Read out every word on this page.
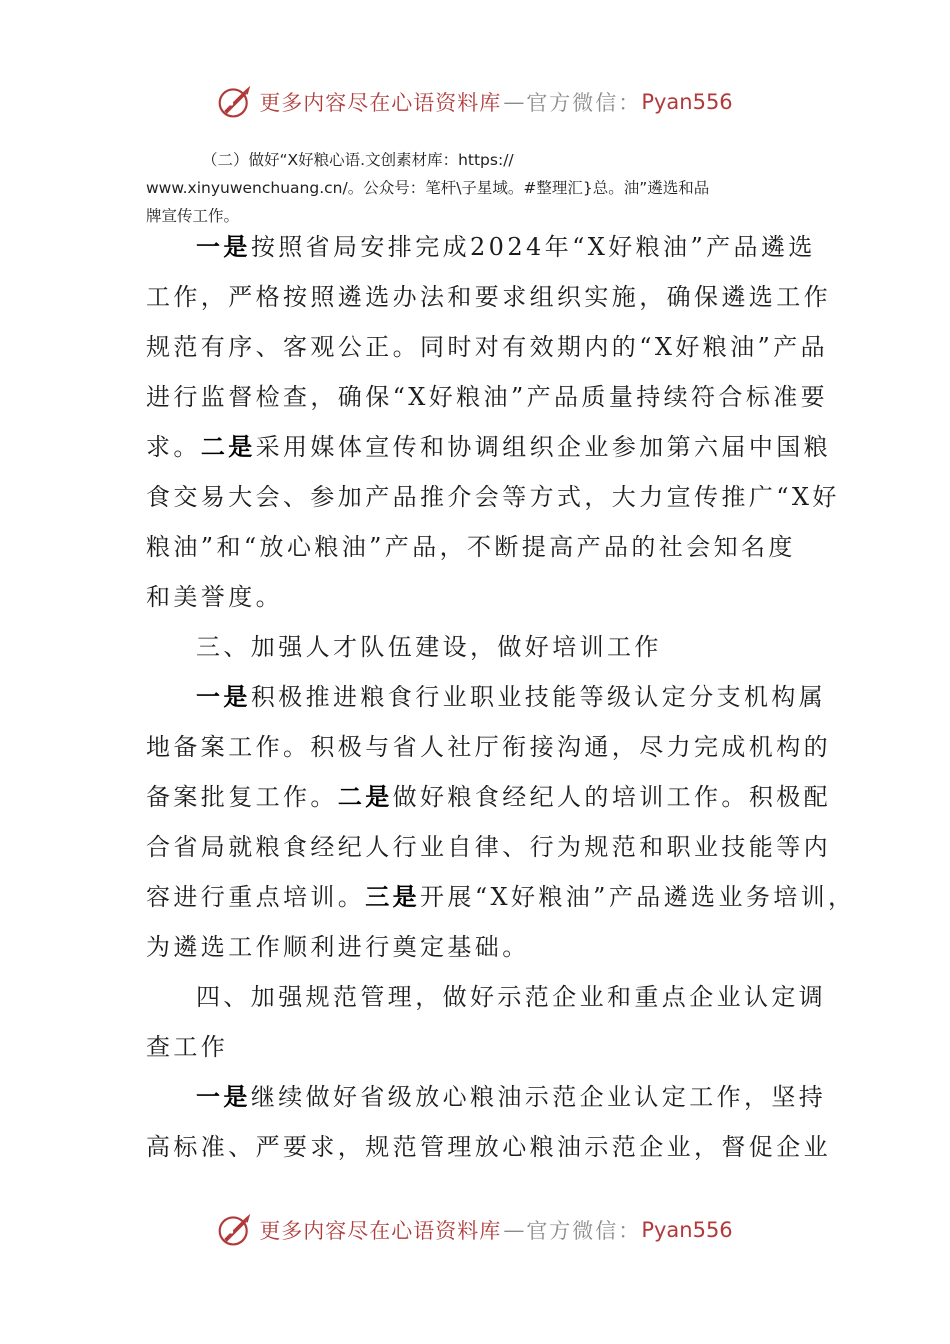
更多内容尽在心语资料库 — 官方微信： Pyan556
（二）做好“X好粮心语.文创素材库：https://
www.xinyuwenchuang.cn/。公众号：笔杆\子星域。#整理汇}总。油”遴选和品
牌宣传工作。
一是按照省局安排完成2024年“X好粮油”产品遴选
工作，严格按照遴选办法和要求组织实施，确保遴选工作
规范有序、客观公正。同时对有效期内的“X好粮油”产品
进行监督检查，确保“X好粮油”产品质量持续符合标准要
求。二是采用媒体宣传和协调组织企业参加第六届中国粮
食交易大会、参加产品推介会等方式，大力宣传推广“X好
粮油”和“放心粮油”产品，不断提高产品的社会知名度
和美誉度。
三、加强人才队伍建设，做好培训工作
一是积极推进粮食行业职业技能等级认定分支机构属
地备案工作。积极与省人社厅衔接沟通，尽力完成机构的
备案批复工作。二是做好粮食经纪人的培训工作。积极配
合省局就粮食经纪人行业自律、行为规范和职业技能等内
容进行重点培训。三是开展“X好粮油”产品遴选业务培训，
为遴选工作顺利进行奠定基础。
四、加强规范管理，做好示范企业和重点企业认定调
查工作
一是继续做好省级放心粮油示范企业认定工作，坚持
高标准、严要求，规范管理放心粮油示范企业，督促企业
更多内容尽在心语资料库 — 官方微信： Pyan556
